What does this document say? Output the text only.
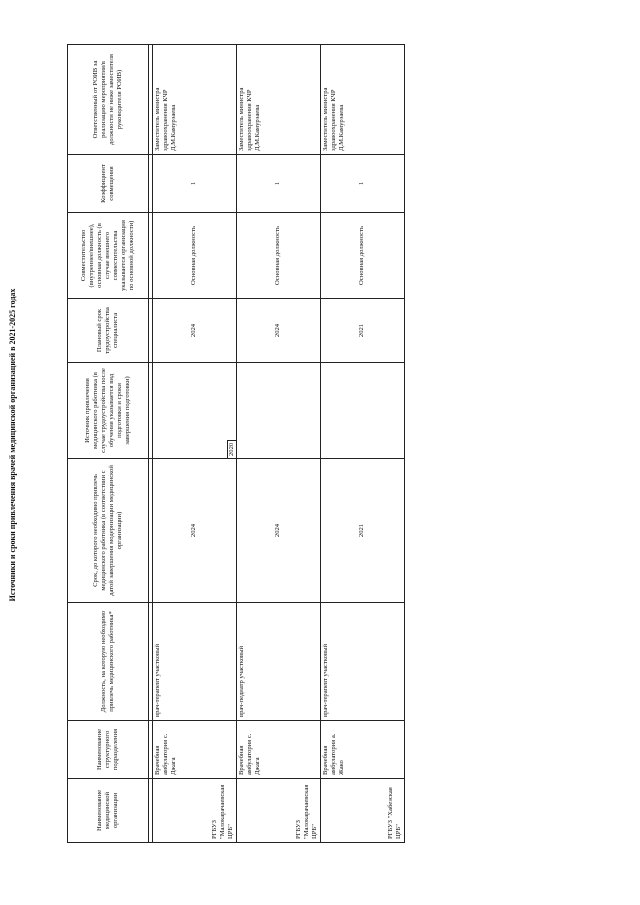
Источники и сроки привлечения врачей медицинской организацией в 2021-2025 годах
Наименование медицинской организации	Наименование структурного подразделения	Должность, на которую необходимо привлечь медицинского работника*	Срок, до которого необходимо привлечь медицинского работника (в соответствии с датой завершения модернизации медицинской организации)	Источник привлечения медицинского работника (в случае трудоустройства после обучения указывается вид подготовки и сроки завершения подготовки)	Плановый срок трудоустройства специалиста	Совместительство (внутреннее/внешнее), основная должность (в случае внешнего совместительства указывается организация по основной должности)	Коэффициент совмещения	Ответственный от РОИВ за реализацию мероприятия/в должности не ниже заместителя руководителя РОИВ)

РГБУЗ "Малокарачаевская ЦРБ"	Врачебная амбулатория с. Джага	врач-терапевт участковый	2024	2020	2024	Основная должность	1	Заместитель министра здравоохранения КЧР Д.М.Камурзаева
РГБУЗ "Малокарачаевская ЦРБ"	Врачебная амбулатория с. Джага	врач-педиатр участковый	2024		2024	Основная должность	1	Заместитель министра здравоохранения КЧР Д.М.Камурзаева
РГБУЗ "Хабезская ЦРБ"	Врачебная амбулатория а. Жако	врач-терапевт участковый	2021		2021	Основная должность	1	Заместитель министра здравоохранения КЧР Д.М.Камурзаева
